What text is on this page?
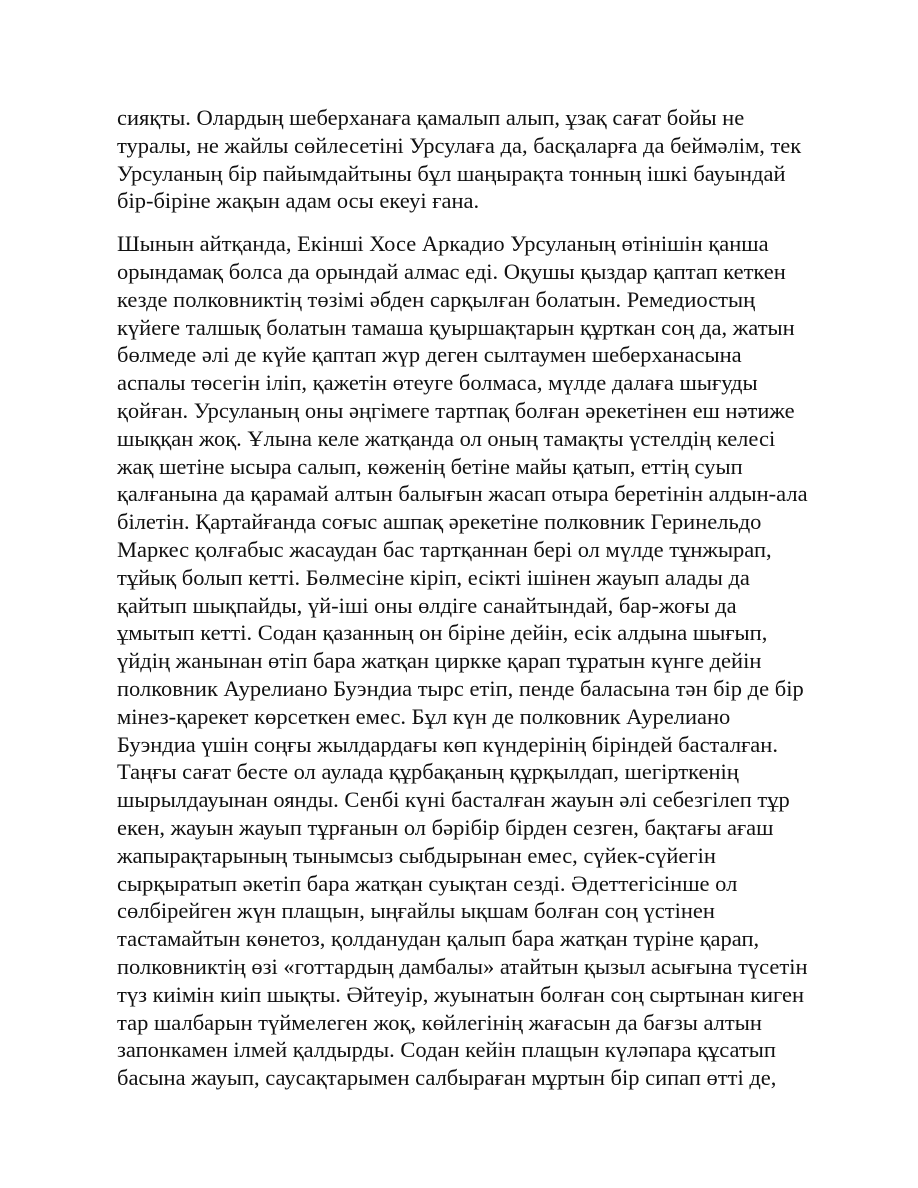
сияқты. Олардың шеберханаға қамалып алып, ұзақ сағат бойы не
туралы, не жайлы сөйлесетіні Урсулаға да, басқаларға да беймәлім, тек
Урсуланың бір пайымдайтыны бұл шаңырақта тонның ішкі бауындай
бір-біріне жақын адам осы екеуі ғана.

Шынын айтқанда, Екінші Хосе Аркадио Урсуланың өтінішін қанша
орындамақ болса да орындай алмас еді. Оқушы қыздар қаптап кеткен
кезде полковниктің төзімі әбден сарқылған болатын. Ремедиостың
күйеге талшық болатын тамаша қуыршақтарын құрткан соң да, жатын
бөлмеде әлі де күйе қаптап жүр деген сылтаумен шеберханасына
аспалы төсегін іліп, қажетін өтеуге болмаса, мүлде далаға шығуды
қойған. Урсуланың оны әңгімеге тартпақ болған әрекетінен еш нәтиже
шыққан жоқ. Ұлына келе жатқанда ол оның тамақты үстелдің келесі
жақ шетіне ысыра салып, көженің бетіне майы қатып, еттің суып
қалғанына да қарамай алтын балығын жасап отыра беретінін алдын-ала
білетін. Қартайғанда соғыс ашпақ әрекетіне полковник Геринельдо
Маркес қолғабыс жасаудан бас тартқаннан бері ол мүлде тұнжырап,
тұйық болып кетті. Бөлмесіне кіріп, есікті ішінен жауып алады да
қайтып шықпайды, үй-іші оны өлдіге санайтындай, бар-жоғы да
ұмытып кетті. Содан қазанның он біріне дейін, есік алдына шығып,
үйдің жанынан өтіп бара жатқан циркке қарап тұратын күнге дейін
полковник Аурелиано Буэндиа тырс етіп, пенде баласына тән бір де бір
мінез-қарекет көрсеткен емес. Бұл күн де полковник Аурелиано
Буэндиа үшін соңғы жылдардағы көп күндерінің біріндей басталған.
Таңғы сағат бесте ол аулада құрбақаның құрқылдап, шегірткенің
шырылдауынан оянды. Сенбі күні басталған жауын әлі себезгілеп тұр
екен, жауын жауып тұрғанын ол бәрібір бірден сезген, бақтағы ағаш
жапырақтарының тынымсыз сыбдырынан емес, сүйек-сүйегін
сырқыратып әкетіп бара жатқан суықтан сезді. Әдеттегісінше ол
сөлбірейген жүн плащын, ыңғайлы ықшам болған соң үстінен
тастамайтын көнетоз, қолданудан қалып бара жатқан түріне қарап,
полковниктің өзі «готтардың дамбалы» атайтын қызыл асығына түсетін
түз киімін киіп шықты. Әйтеуір, жуынатын болған соң сыртынан киген
тар шалбарын түймелеген жоқ, көйлегінің жағасын да бағзы алтын
запонкамен ілмей қалдырды. Содан кейін плащын күләпара құсатып
басына жауып, саусақтарымен салбыраған мұртын бір сипап өтті де,
